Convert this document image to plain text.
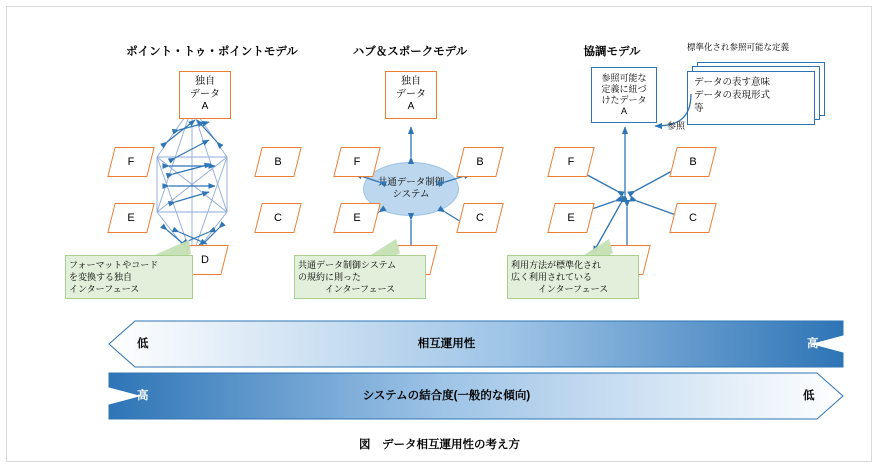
ポイント・トゥ・ポイントモデル	ハブ＆スポークモデル	協調モデル
独自
データ
A
F	B
E	C
D
フォーマットやコード
を変換する独自
インターフェース
独自
データ
A
共通データ制御
システム
F	B
E	C
共通データ制御システム
の規約に則った
インターフェース
参照可能な
定義に紐づ
けたデータ
A
データの表す意味
データの表現形式
等
標準化され参照可能な定義
参照
F	B
E	C
利用方法が標準化され
広く利用されている
インターフェース
低	相互運用性	高
高	システムの結合度(一般的な傾向)	低
図　データ相互運用性の考え方
